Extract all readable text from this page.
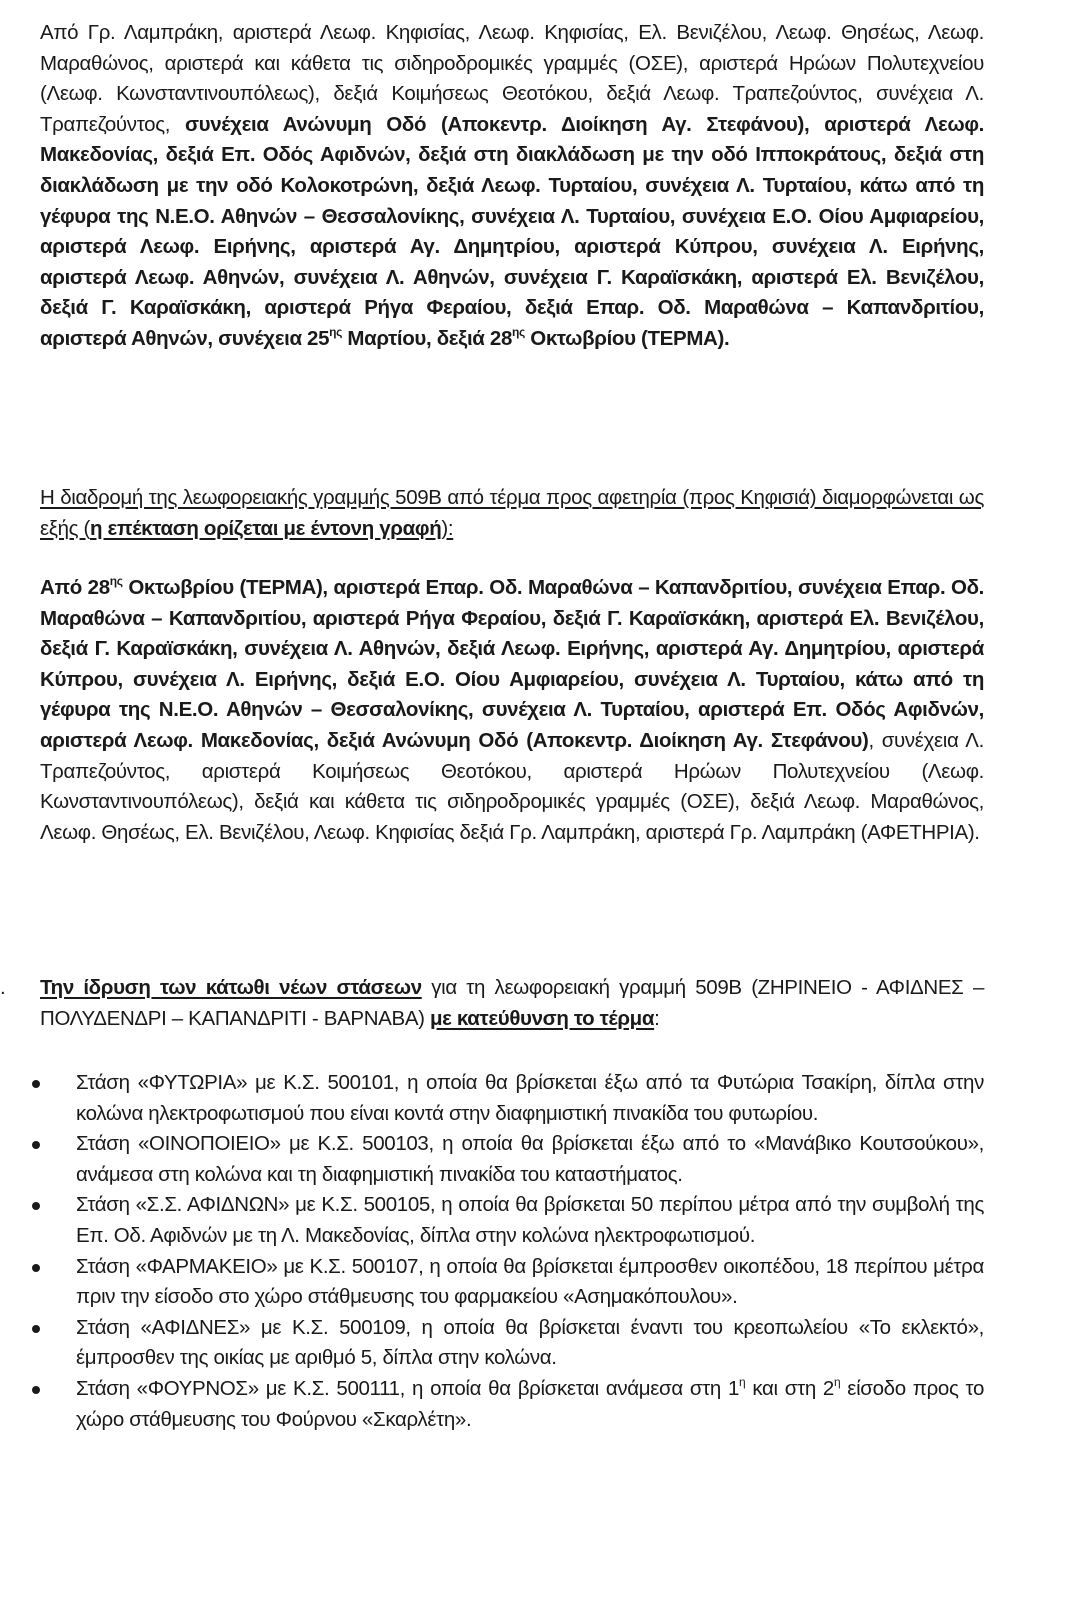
Από Γρ. Λαμπράκη, αριστερά Λεωφ. Κηφισίας, Λεωφ. Κηφισίας, Ελ. Βενιζέλου, Λεωφ. Θησέως, Λεωφ. Μαραθώνος, αριστερά και κάθετα τις σιδηροδρομικές γραμμές (ΟΣΕ), αριστερά Ηρώων Πολυτεχνείου (Λεωφ. Κωνσταντινουπόλεως), δεξιά Κοιμήσεως Θεοτόκου, δεξιά Λεωφ. Τραπεζούντος, συνέχεια Λ. Τραπεζούντος, συνέχεια Ανώνυμη Οδό (Αποκεντρ. Διοίκηση Αγ. Στεφάνου), αριστερά Λεωφ. Μακεδονίας, δεξιά Επ. Οδός Αφιδνών, δεξιά στη διακλάδωση με την οδό Ιπποκράτους, δεξιά στη διακλάδωση με την οδό Κολοκοτρώνη, δεξιά Λεωφ. Τυρταίου, συνέχεια Λ. Τυρταίου, κάτω από τη γέφυρα της Ν.Ε.Ο. Αθηνών – Θεσσαλονίκης, συνέχεια Λ. Τυρταίου, συνέχεια Ε.Ο. Οίου Αμφιαρείου, αριστερά Λεωφ. Ειρήνης, αριστερά Αγ. Δημητρίου, αριστερά Κύπρου, συνέχεια Λ. Ειρήνης, αριστερά Λεωφ. Αθηνών, συνέχεια Λ. Αθηνών, συνέχεια Γ. Καραϊσκάκη, αριστερά Ελ. Βενιζέλου, δεξιά Γ. Καραϊσκάκη, αριστερά Ρήγα Φεραίου, δεξιά Επαρ. Οδ. Μαραθώνα – Καπανδριτίου, αριστερά Αθηνών, συνέχεια $25^{\eta\varsigma}$ Μαρτίου, δεξιά $28^{\eta\varsigma}$ Οκτωβρίου (ΤΕΡΜΑ).

Η διαδρομή της λεωφορειακής γραμμής 509Β από τέρμα προς αφετηρία (προς Κηφισιά) διαμορφώνεται ως εξής (η επέκταση ορίζεται με έντονη γραφή):

Από $28^{\eta\varsigma}$ Οκτωβρίου (ΤΕΡΜΑ), αριστερά Επαρ. Οδ. Μαραθώνα – Καπανδριτίου, συνέχεια Επαρ. Οδ. Μαραθώνα – Καπανδριτίου, αριστερά Ρήγα Φεραίου, δεξιά Γ. Καραϊσκάκη, αριστερά Ελ. Βενιζέλου, δεξιά Γ. Καραϊσκάκη, συνέχεια Λ. Αθηνών, δεξιά Λεωφ. Ειρήνης, αριστερά Αγ. Δημητρίου, αριστερά Κύπρου, συνέχεια Λ. Ειρήνης, δεξιά Ε.Ο. Οίου Αμφιαρείου, συνέχεια Λ. Τυρταίου, κάτω από τη γέφυρα της Ν.Ε.Ο. Αθηνών – Θεσσαλονίκης, συνέχεια Λ. Τυρταίου, αριστερά Επ. Οδός Αφιδνών, αριστερά Λεωφ. Μακεδονίας, δεξιά Ανώνυμη Οδό (Αποκεντρ. Διοίκηση Αγ. Στεφάνου), συνέχεια Λ. Τραπεζούντος, αριστερά Κοιμήσεως Θεοτόκου, αριστερά Ηρώων Πολυτεχνείου (Λεωφ. Κωνσταντινουπόλεως), δεξιά και κάθετα τις σιδηροδρομικές γραμμές (ΟΣΕ), δεξιά Λεωφ. Μαραθώνος, Λεωφ. Θησέως, Ελ. Βενιζέλου, Λεωφ. Κηφισίας δεξιά Γρ. Λαμπράκη, αριστερά Γρ. Λαμπράκη (ΑΦΕΤΗΡΙΑ).

. Την ίδρυση των κάτωθι νέων στάσεων για τη λεωφορειακή γραμμή 509Β (ΖΗΡΙΝΕΙΟ - ΑΦΙΔΝΕΣ – ΠΟΛΥΔΕΝΔΡΙ – ΚΑΠΑΝΔΡΙΤΙ - ΒΑΡΝΑΒΑ) με κατεύθυνση το τέρμα:

Στάση «ΦΥΤΩΡΙΑ» με Κ.Σ. 500101, η οποία θα βρίσκεται έξω από τα Φυτώρια Τσακίρη, δίπλα στην κολώνα ηλεκτροφωτισμού που είναι κοντά στην διαφημιστική πινακίδα του φυτωρίου.
Στάση «ΟΙΝΟΠΟΙΕΙΟ» με Κ.Σ. 500103, η οποία θα βρίσκεται έξω από το «Μανάβικο Κουτσούκου», ανάμεσα στη κολώνα και τη διαφημιστική πινακίδα του καταστήματος.
Στάση «Σ.Σ. ΑΦΙΔΝΩΝ» με Κ.Σ. 500105, η οποία θα βρίσκεται 50 περίπου μέτρα από την συμβολή της Επ. Οδ. Αφιδνών με τη Λ. Μακεδονίας, δίπλα στην κολώνα ηλεκτροφωτισμού.
Στάση «ΦΑΡΜΑΚΕΙΟ» με Κ.Σ. 500107, η οποία θα βρίσκεται έμπροσθεν οικοπέδου, 18 περίπου μέτρα πριν την είσοδο στο χώρο στάθμευσης του φαρμακείου «Ασημακόπουλου».
Στάση «ΑΦΙΔΝΕΣ» με Κ.Σ. 500109, η οποία θα βρίσκεται έναντι του κρεοπωλείου «Το εκλεκτό», έμπροσθεν της οικίας με αριθμό 5, δίπλα στην κολώνα.
Στάση «ΦΟΥΡΝΟΣ» με Κ.Σ. 500111, η οποία θα βρίσκεται ανάμεσα στη $1^\eta$ και στη $2^\eta$ είσοδο προς το χώρο στάθμευσης του Φούρνου «Σκαρλέτη».
